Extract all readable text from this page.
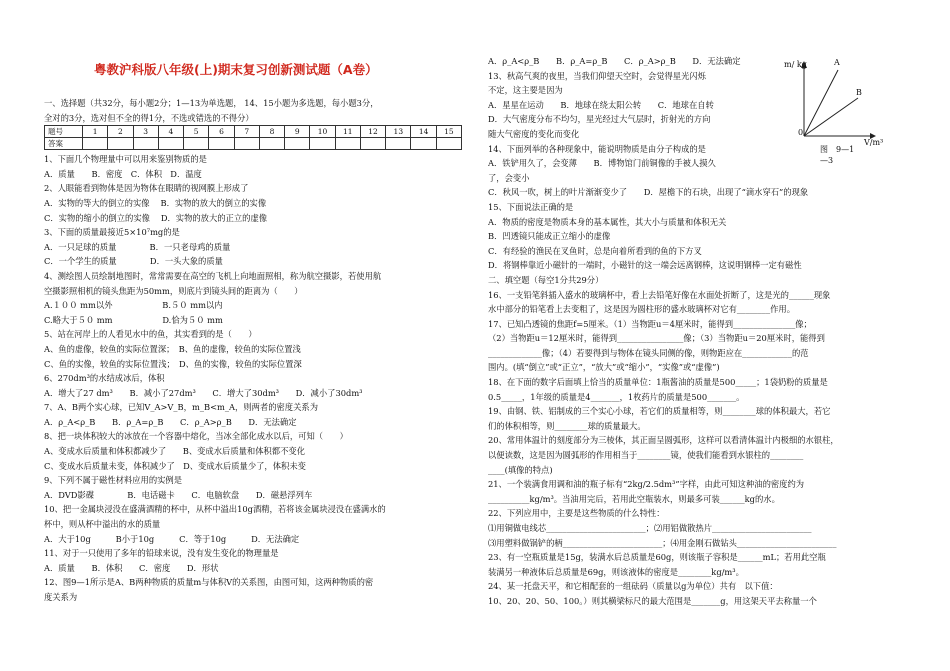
粤教沪科版八年级(上)期末复习创新测试题（A卷）
一、选择题（共32分，每小题2分；1—13为单选题， 14、15小题为多选题，每小题3分，
全对的3分，选对但不全的得1分，不选或错选的不得分）
题号	1	2	3	4	5	6	7	8	9	10	11	12	13	14	15
答案															
1、下面几个物理量中可以用来鉴别物质的是
A．质量　　B．密度　C．体积　D．温度
2、人眼能看到物体是因为物体在眼睛的视网膜上形成了
A．实物的等大的倒立的实像　 B．实物的放大的倒立的实像
C．实物的缩小的倒立的实像　 D．实物的放大的正立的虚像
3、下面的质量最接近5×10⁷mg的是
A．一只足球的质量　　　　B．一只老母鸡的质量
C．一个学生的质量　　　　D．一头大象的质量
4、测绘图人员绘制地图时，常常需要在高空的飞机上向地面照相，称为航空摄影，若使用航
空摄影照相机的镜头焦距为50mm，则底片到镜头间的距离为（　　）
A.１００ mm以外　　　　　　B.５０ mm以内
C.略大于５０ mm　　　　　　D.恰为５０ mm
5、站在河岸上的人看见水中的鱼，其实看到的是（　　）
A、鱼的虚像，较鱼的实际位置深；　B、鱼的虚像，较鱼的实际位置浅
C、鱼的实像，较鱼的实际位置浅；　D、鱼的实像，较鱼的实际位置深
6、270dm³的水结成冰后，体积
A．增大了27 dm³　　B．减小了27dm³　　C．增大了30dm³　　D．减小了30dm³
7、A、B两个实心球，已知V_A>V_B，m_B<m_A，则两者的密度关系为
A．ρ_A<ρ_B　　B．ρ_A=ρ_B　　C．ρ_A>ρ_B　　D．无法确定
8、把一块体积较大的冰放在一个容器中熔化，当冰全部化成水以后，可知（　　）
A、变成水后质量和体积都减少了　　B、变成水后质量和体积都不变化
C、变成水后质量未变，体积减少了　D、变成水后质量少了，体积未变
9、下列不属于磁性材料应用的实例是
A．DVD影碟　　　　B．电话磁卡　　C．电脑软盘　　D．磁悬浮列车
10、把一金属块浸没在盛满酒精的杯中，从杯中溢出10g酒精，若将该金属块浸没在盛满水的
杯中，则从杯中溢出的水的质量
A．大于10g　　　B小于10g　　　C．等于10g　　　D．无法确定
11、对于一只使用了多年的铅球来说，没有发生变化的物理量是
A．质量　　B．体积　　C．密度　　D．形状
12、图9—1所示是A、B两种物质的质量m与体积V的关系图，由图可知，这两种物质的密
度关系为
A．ρ_A<ρ_B　　B．ρ_A=ρ_B　　C．ρ_A>ρ_B　　D．无法确定
13、秋高气爽的夜里，当我们仰望天空时，会觉得星光闪烁
不定，这主要是因为
A．星星在运动　　B．地球在绕太阳公转　　C．地球在自转
D．大气密度分布不均匀，星光经过大气层时，折射光的方向
随大气密度的变化而变化
14、下面列举的各种现象中，能说明物质是由分子构成的是
A．铁铲用久了，会变薄　　B．博物馆门前铜像的手被人摸久
了，会变小
C．秋风一吹，树上的叶片渐渐变少了　　D．屋檐下的石块，出现了“滴水穿石”的现象
15、下面说法正确的是
A．物质的密度是物质本身的基本属性，其大小与质量和体积无关
B．凹透镜只能成正立缩小的虚像
C．有经验的渔民在叉鱼时，总是向着所看到的鱼的下方叉
D．将钢棒靠近小磁针的一端时，小磁针的这一端会远离钢棒，这说明钢棒一定有磁性
二、填空题（每空1分共29分）
16、一支铅笔斜插入盛水的玻璃杯中，看上去铅笔好像在水面处折断了，这是光的______现象
水中部分的铅笔看上去变粗了，这是因为圆柱形的盛水玻璃杯对它有________作用。
17、已知凸透镜的焦距f=5厘米。（1）当物距u＝4厘米时，能得到_______________像；
（2）当物距u＝12厘米时，能得到________________像；（3）当物距u＝20厘米时，能得到
_____________像；（4）若要得到与物体在镜头同侧的像，则物距应在____________的范
围内。(填“倒立”或“正立”，“放大”或“缩小”，“实像”或“虚像”)
18、在下面的数字后面填上恰当的质量单位：1瓶酱油的质量是500_____；1袋奶粉的质量是
0.5_____，1年级的质量是4_______，1枚药片的质量是500_______。
19、由钢、铁、铝制成的三个实心小球，若它们的质量相等，则________球的体积最大，若它
们的体积相等，则________球的质量最大。
20、常用体温计的刻度部分为三棱体，其正面呈圆弧形，这样可以看清体温计内极细的水银柱，
以便读数，这是因为圆弧形的作用相当于________镜，使我们能看到水银柱的________
____(填像的特点)
21、一个装满食用调和油的瓶子标有“2kg/2.5dm³”字样，由此可知这种油的密度约为
__________kg/m³。当油用完后，若用此空瓶装水，则最多可装______kg的水。
22、下列应用中，主要是这些物质的什么特性：
⑴用铜做电线芯________________________；⑵用铝做散热片________________________
⑶用塑料做锅铲的柄________________________；⑷用金刚石做钻头________________________
23、有一空瓶质量是15g，装满水后总质量是60g，则该瓶子容积是______mL；若用此空瓶
装满另一种液体后总质量是69g，则该液体的密度是________kg/m³。
24、某一托盘天平，和它相配套的一组砝码（质量以g为单位）共有　以下值：
10、20、20、50、100。）则其横梁标尺的最大范围是_______g，用这架天平去称量一个
m/ kg	A
B
0
V/m³
图　9—1
—3
